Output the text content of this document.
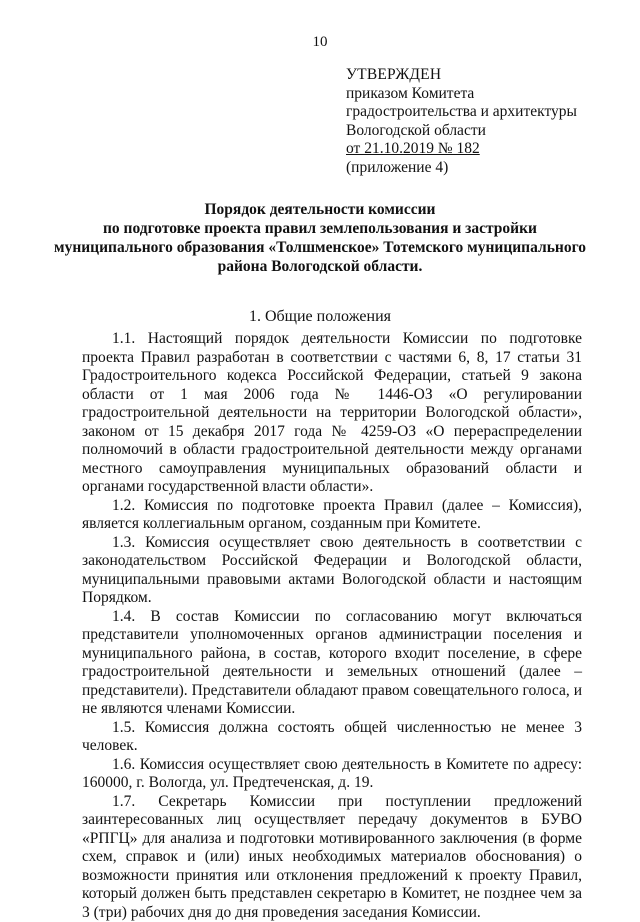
10
УТВЕРЖДЕН
приказом Комитета
градостроительства и архитектуры
Вологодской области
от 21.10.2019 № 182
(приложение 4)
Порядок деятельности комиссии
по подготовке проекта правил землепользования и застройки
муниципального образования «Толшменское» Тотемского муниципального
района Вологодской области.
1. Общие положения

1.1. Настоящий порядок деятельности Комиссии по подготовке проекта Правил разработан в соответствии с частями 6, 8, 17 статьи 31 Градостроительного кодекса Российской Федерации, статьей 9 закона области от 1 мая 2006 года № 1446-ОЗ «О регулировании градостроительной деятельности на территории Вологодской области», законом от 15 декабря 2017 года № 4259-ОЗ «О перераспределении полномочий в области градостроительной деятельности между органами местного самоуправления муниципальных образований области и органами государственной власти области».

1.2. Комиссия по подготовке проекта Правил (далее – Комиссия), является коллегиальным органом, созданным при Комитете.

1.3. Комиссия осуществляет свою деятельность в соответствии с законодательством Российской Федерации и Вологодской области, муниципальными правовыми актами Вологодской области и настоящим Порядком.

1.4. В состав Комиссии по согласованию могут включаться представители уполномоченных органов администрации поселения и муниципального района, в состав, которого входит поселение, в сфере градостроительной деятельности и земельных отношений (далее – представители). Представители обладают правом совещательного голоса, и не являются членами Комиссии.

1.5. Комиссия должна состоять общей численностью не менее 3 человек.

1.6. Комиссия осуществляет свою деятельность в Комитете по адресу: 160000, г. Вологда, ул. Предтеченская, д. 19.

1.7. Секретарь Комиссии при поступлении предложений заинтересованных лиц осуществляет передачу документов в БУВО «РПГЦ» для анализа и подготовки мотивированного заключения (в форме схем, справок и (или) иных необходимых материалов обоснования) о возможности принятия или отклонения предложений к проекту Правил, который должен быть представлен секретарю в Комитет, не позднее чем за 3 (три) рабочих дня до дня проведения заседания Комиссии.
